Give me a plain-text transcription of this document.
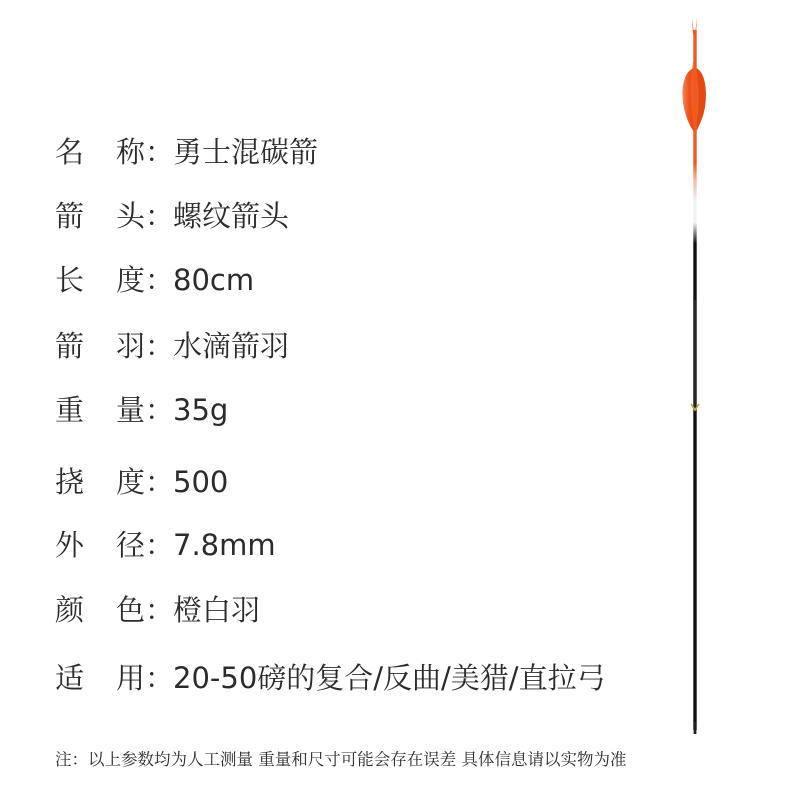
名 称 ：
勇士混碳箭
箭 头 ：
螺纹箭头
长 度 ：
80cm
箭 羽 ：
水滴箭羽
重 量 ：
35g
挠 度 ：
500
外 径 ：
7.8mm
颜 色 ：
橙白羽
适 用 ：
20-50磅的复合/反曲/美猎/直拉弓
注：以上参数均为人工测量 重量和尺寸可能会存在误差 具体信息请以实物为准
